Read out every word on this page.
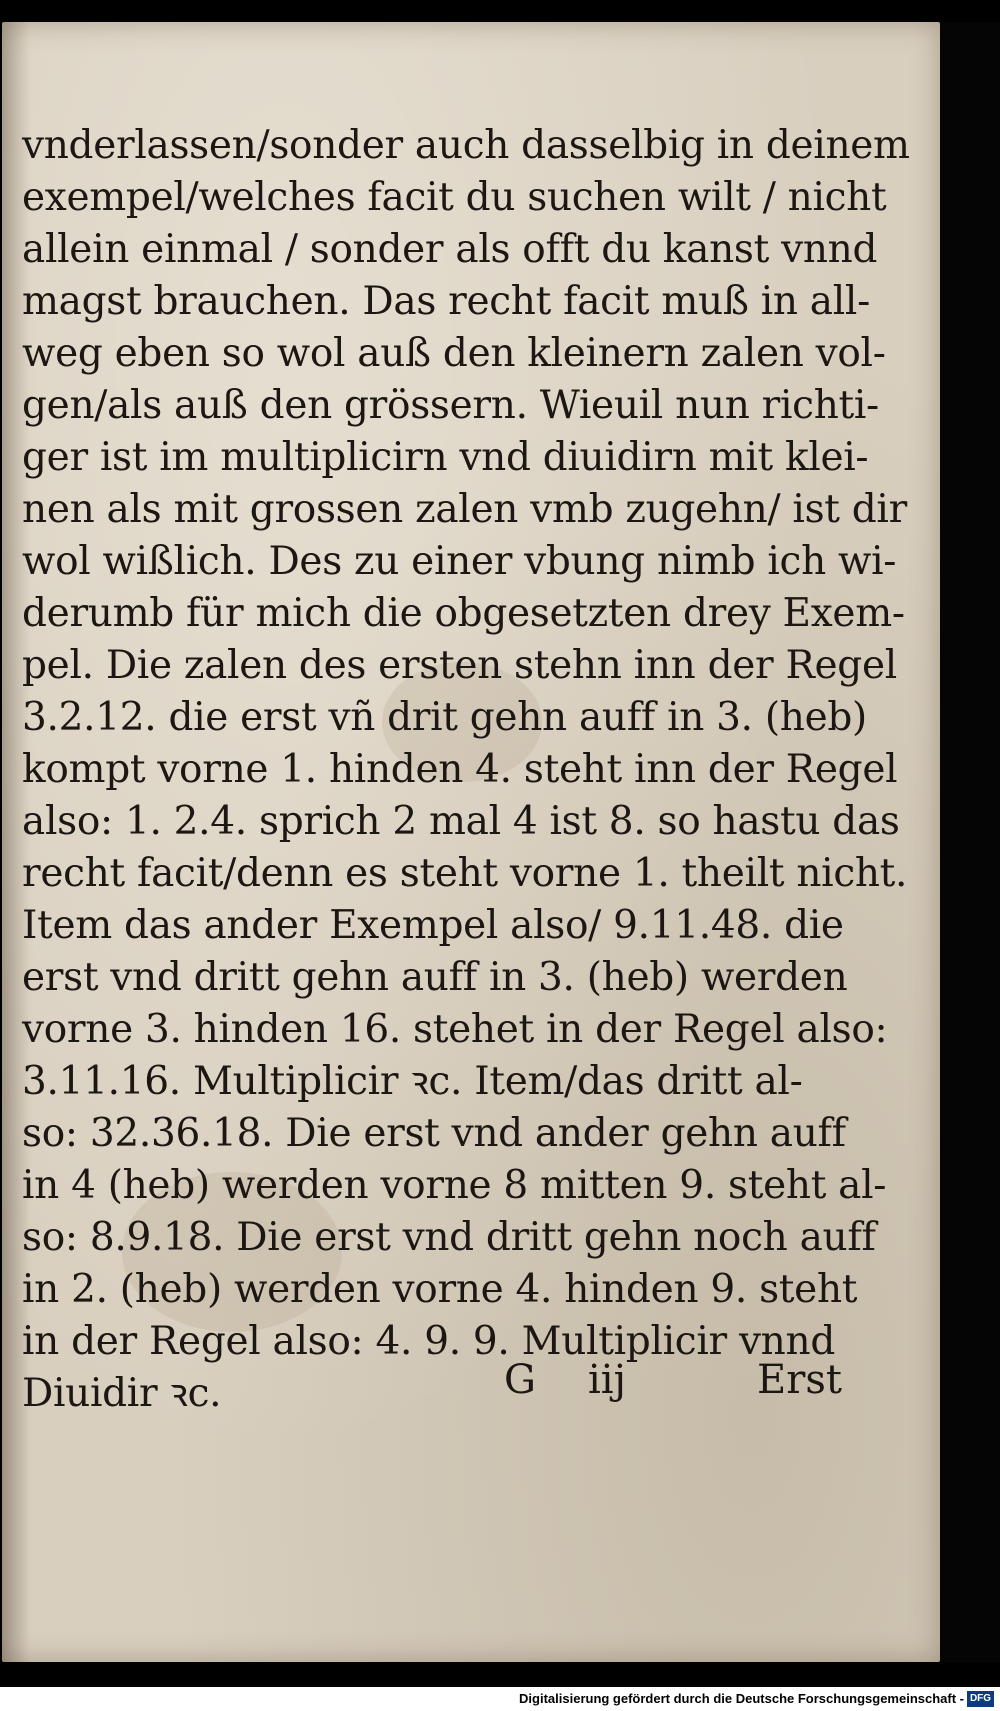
vnderlassen/sonder auch dasselbig in deinem
exempel/welches facit du suchen wilt / nicht
allein einmal / sonder als offt du kanst vnnd
magst brauchen. Das recht facit muß in all-
weg eben so wol auß den kleinern zalen vol-
gen/als auß den grössern. Wieuil nun richti-
ger ist im multiplicirn vnd diuidirn mit klei-
nen als mit grossen zalen vmb zugehn/ ist dir
wol wißlich. Des zu einer vbung nimb ich wi-
derumb für mich die obgesetzten drey Exem-
pel. Die zalen des ersten stehn inn der Regel
3.2.12. die erst vñ drit gehn auff in 3. (heb)
kompt vorne 1. hinden 4. steht inn der Regel
also: 1. 2.4. sprich 2 mal 4 ist 8. so hastu das
recht facit/denn es steht vorne 1. theilt nicht.
Item das ander Exempel also/ 9.11.48. die
erst vnd dritt gehn auff in 3. (heb) werden
vorne 3. hinden 16. stehet in der Regel also:
3.11.16. Multiplicir ꝛc. Item/das dritt al-
so: 32.36.18. Die erst vnd ander gehn auff
in 4 (heb) werden vorne 8 mitten 9. steht al-
so: 8.9.18. Die erst vnd dritt gehn noch auff
in 2. (heb) werden vorne 4. hinden 9. steht
in der Regel also: 4. 9. 9. Multiplicir vnnd
Diuidir ꝛc.	G iij	Erst
Digitalisierung gefördert durch die Deutsche Forschungsgemeinschaft - DFG
